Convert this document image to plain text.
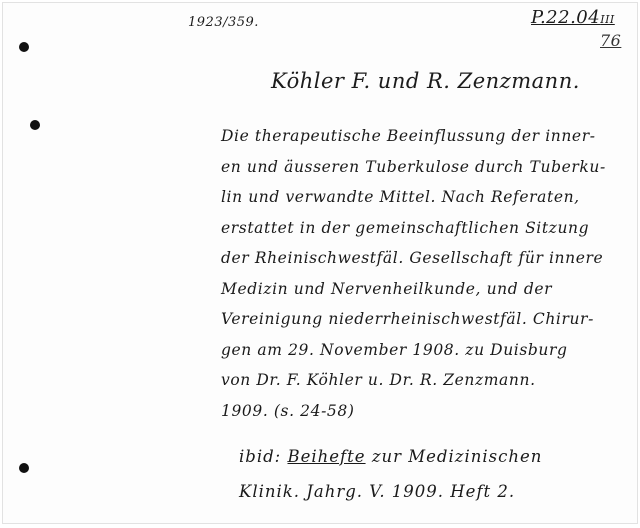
1923/359.	P.22.04III
76
Köhler F. und R. Zenzmann.
Die therapeutische Beeinflussung der inner-
en und äusseren Tuberkulose durch Tuberku-
lin und verwandte Mittel. Nach Referaten,
erstattet in der gemeinschaftlichen Sitzung
der Rheinischwestfäl. Gesellschaft für innere
Medizin und Nervenheilkunde, und der
Vereinigung niederrheinischwestfäl. Chirur-
gen am 29. November 1908. zu Duisburg
von Dr. F. Köhler u. Dr. R. Zenzmann.
1909. (s. 24-58)
ibid: Beihefte zur Medizinischen
Klinik. Jahrg. V. 1909. Heft 2.
